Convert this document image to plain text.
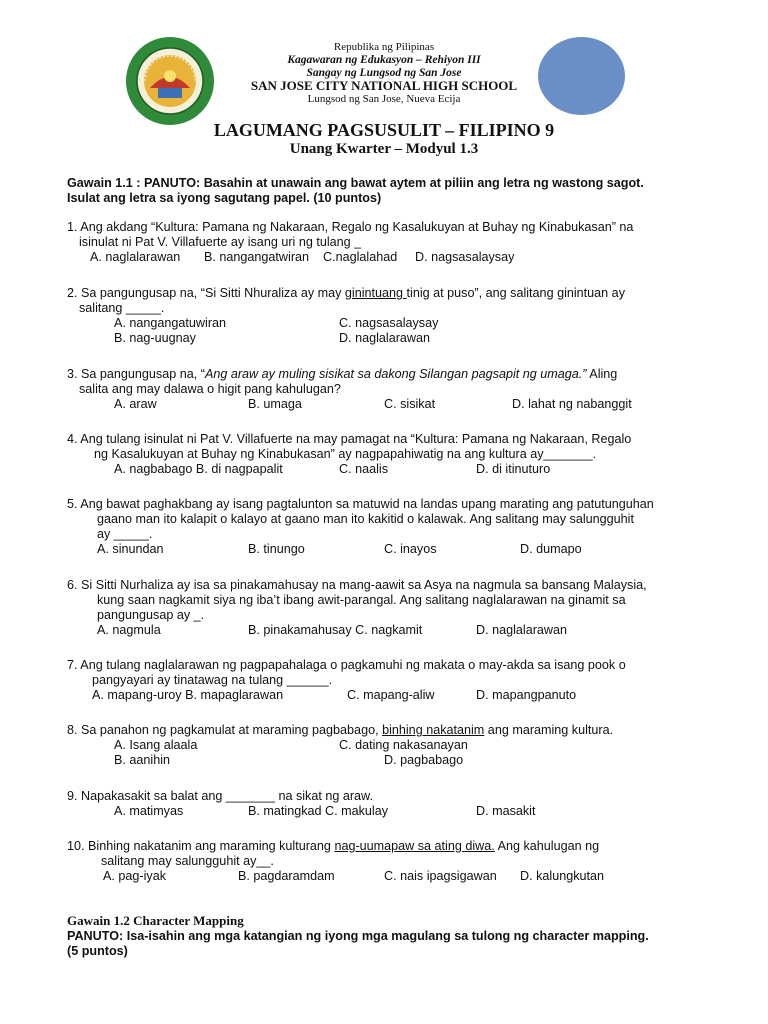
Republika ng Pilipinas
Kagawaran ng Edukasyon – Rehiyon III
Sangay ng Lungsod ng San Jose
SAN JOSE CITY NATIONAL HIGH SCHOOL
Lungsod ng San Jose, Nueva Ecija
LAGUMANG PAGSUSULIT – FILIPINO 9
Unang Kwarter – Modyul 1.3
Gawain 1.1 : PANUTO: Basahin at unawain ang bawat aytem at piliin ang letra ng wastong sagot.
Isulat ang letra sa iyong sagutang papel. (10 puntos)
1. Ang akdang “Kultura: Pamana ng Nakaraan, Regalo ng Kasalukuyan at Buhay ng Kinabukasan” na
isinulat ni Pat V. Villafuerte ay isang uri ng tulang _
A. naglalarawan B. nangangatwiran C.naglalahad D. nagsasalaysay
2. Sa pangungusap na, “Si Sitti Nhuraliza ay may ginintuang tinig at puso”, ang salitang ginintuan ay
salitang _____.
A. nangangatuwiran	C. nagsasalaysay
B. nag-uugnay	D. naglalarawan
3. Sa pangungusap na, “Ang araw ay muling sisikat sa dakong Silangan pagsapit ng umaga.” Aling
salita ang may dalawa o higit pang kahulugan?
A. araw	B. umaga	C. sisikat	D. lahat ng nabanggit
4. Ang tulang isinulat ni Pat V. Villafuerte na may pamagat na “Kultura: Pamana ng Nakaraan, Regalo
ng Kasalukuyan at Buhay ng Kinabukasan” ay nagpapahiwatig na ang kultura ay_______.
A. nagbabago B. di nagpapalit	C. naalis	D. di itinuturo
5. Ang bawat paghakbang ay isang pagtalunton sa matuwid na landas upang marating ang patutunguhan
gaano man ito kalapit o kalayo at gaano man ito kakitid o kalawak. Ang salitang may salungguhit
ay _____.
A. sinundan	B. tinungo	C. inayos	D. dumapo
6. Si Sitti Nurhaliza ay isa sa pinakamahusay na mang-aawit sa Asya na nagmula sa bansang Malaysia,
kung saan nagkamit siya ng iba’t ibang awit-parangal. Ang salitang naglalarawan na ginamit sa
pangungusap ay _.
A. nagmula	B. pinakamahusay C. nagkamit	D. naglalarawan
7. Ang tulang naglalarawan ng pagpapahalaga o pagkamuhi ng makata o may-akda sa isang pook o
pangyayari ay tinatawag na tulang ______.
A. mapang-uroy B. mapaglarawan	C. mapang-aliw	D. mapangpanuto
8. Sa panahon ng pagkamulat at maraming pagbabago, binhing nakatanim ang maraming kultura.
A. Isang alaala	C. dating nakasanayan
B. aanihin	D. pagbabago
9. Napakasakit sa balat ang _______ na sikat ng araw.
A. matimyas	B. matingkad C. makulay	D. masakit
10. Binhing nakatanim ang maraming kulturang nag-uumapaw sa ating diwa. Ang kahulugan ng
salitang may salungguhit ay__.
A. pag-iyak	B. pagdaramdam	C. nais ipagsigawan D. kalungkutan
Gawain 1.2 Character Mapping
PANUTO: Isa-isahin ang mga katangian ng iyong mga magulang sa tulong ng character mapping.
(5 puntos)
